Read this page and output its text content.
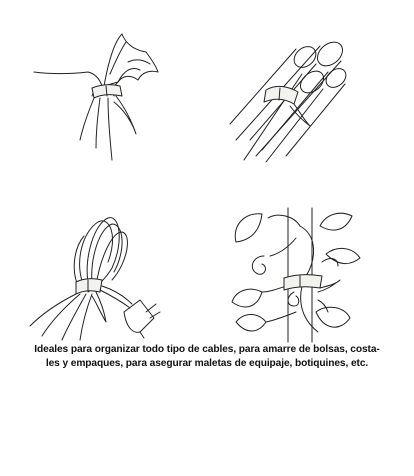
Ideales para organizar todo tipo de cables, para amarre de bolsas, costa-
les y empaques, para asegurar maletas de equipaje, botiquines, etc.
